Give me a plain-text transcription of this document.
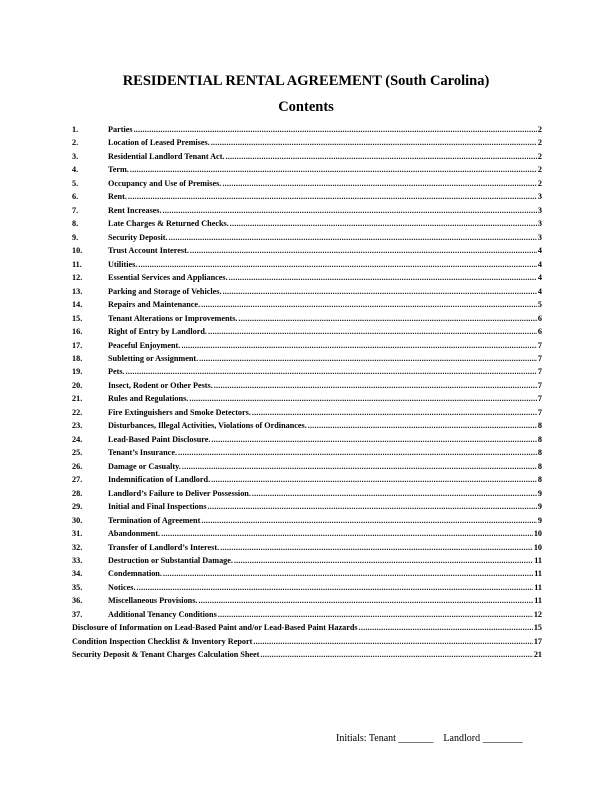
RESIDENTIAL RENTAL AGREEMENT (South Carolina)
Contents
1.	Parties .....	2
2.	Location of Leased Premises. .....	2
3.	Residential Landlord Tenant Act. .....	2
4.	Term. .....	2
5.	Occupancy and Use of Premises. .....	2
6.	Rent. .....	3
7.	Rent Increases. .....	3
8.	Late Charges & Returned Checks. .....	3
9.	Security Deposit. .....	3
10.	Trust Account Interest. .....	4
11.	Utilities. .....	4
12.	Essential Services and Appliances. .....	4
13.	Parking and Storage of Vehicles. .....	4
14.	Repairs and Maintenance. .....	5
15.	Tenant Alterations or Improvements. .....	6
16.	Right of Entry by Landlord. .....	6
17.	Peaceful Enjoyment. .....	7
18.	Subletting or Assignment. .....	7
19.	Pets. .....	7
20.	Insect, Rodent or Other Pests. .....	7
21.	Rules and Regulations. .....	7
22.	Fire Extinguishers and Smoke Detectors. .....	7
23.	Disturbances, Illegal Activities, Violations of Ordinances. .....	8
24.	Lead-Based Paint Disclosure. .....	8
25.	Tenant’s Insurance. .....	8
26.	Damage or Casualty. .....	8
27.	Indemnification of Landlord. .....	8
28.	Landlord’s Failure to Deliver Possession. .....	9
29.	Initial and Final Inspections .....	9
30.	Termination of Agreement .....	9
31.	Abandonment. .....	10
32.	Transfer of Landlord’s Interest. .....	10
33.	Destruction or Substantial Damage. .....	11
34.	Condemnation. .....	11
35.	Notices. .....	11
36.	Miscellaneous Provisions. .....	11
37.	Additional Tenancy Conditions .....	12
Disclosure of Information on Lead-Based Paint and/or Lead-Based Paint Hazards .....	15
Condition Inspection Checklist & Inventory Report .....	17
Security Deposit & Tenant Charges Calculation Sheet .....	21
Initials: Tenant _______    Landlord ________
